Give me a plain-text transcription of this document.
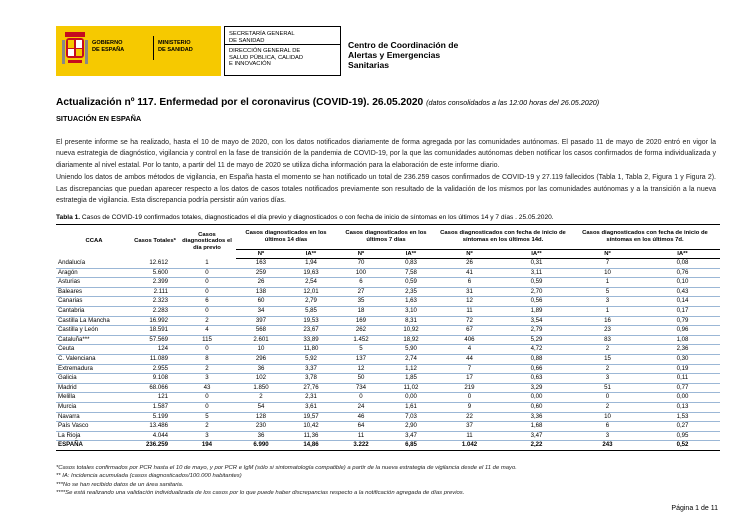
GOBIERNO
DE ESPAÑA
MINISTERIO
DE SANIDAD
SECRETARÍA GENERAL
DE SANIDAD
DIRECCIÓN GENERAL DE
SALUD PÚBLICA, CALIDAD
E INNOVACIÓN
Centro de Coordinación de
Alertas y Emergencias
Sanitarias
Actualización nº 117. Enfermedad por el coronavirus (COVID-19). 26.05.2020 (datos consolidados a las 12:00 horas del 26.05.2020)
SITUACIÓN EN ESPAÑA

El presente informe se ha realizado, hasta el 10 de mayo de 2020, con los datos notificados diariamente de forma agregada por las comunidades autónomas. El pasado 11 de mayo de 2020 entró en vigor la nueva estrategia de diagnóstico, vigilancia y control en la fase de transición de la pandemia de COVID-19, por la que las comunidades autónomas deben notificar los casos confirmados de forma individualizada y diariamente al nivel estatal. Por lo tanto, a partir del 11 de mayo de 2020 se utiliza dicha información para la elaboración de este informe diario.

Uniendo los datos de ambos métodos de vigilancia, en España hasta el momento se han notificado un total de 236.259 casos confirmados de COVID-19 y 27.119 fallecidos (Tabla 1, Tabla 2, Figura 1 y Figura 2). Las discrepancias que puedan aparecer respecto a los datos de casos totales notificados previamente son resultado de la validación de los mismos por las comunidades autónomas y a la transición a la nueva estrategia de vigilancia. Esta discrepancia podría persistir aún varios días.

Tabla 1. Casos de COVID-19 confirmados totales, diagnosticados el día previo y diagnosticados o con fecha de inicio de síntomas en los últimos 14 y 7 días . 25.05.2020.
CCAA	Casos Totales*	Casos diagnosticados el día previo	Casos diagnosticados en los últimos 14 días		Casos diagnosticados en los últimos 7 días		Casos diagnosticados con fecha de inicio de síntomas en los últimos 14d.		Casos diagnosticados con fecha de inicio de síntomas en los últimos 7d.	
			Nº	IA**	Nº	IA**	Nº	IA**	Nº	IA**
Andalucía	12.612	1	163	1,94	70	0,83	26	0,31	7	0,08
Aragón	5.600	0	259	19,63	100	7,58	41	3,11	10	0,76
Asturias	2.399	0	26	2,54	6	0,59	6	0,59	1	0,10
Baleares	2.111	0	138	12,01	27	2,35	31	2,70	5	0,43
Canarias	2.323	6	60	2,79	35	1,63	12	0,56	3	0,14
Cantabria	2.283	0	34	5,85	18	3,10	11	1,89	1	0,17
Castilla La Mancha	16.992	2	397	19,53	169	8,31	72	3,54	16	0,79
Castilla y León	18.591	4	568	23,67	262	10,92	67	2,79	23	0,96
Cataluña***	57.569	115	2.601	33,89	1.452	18,92	406	5,29	83	1,08
Ceuta	124	0	10	11,80	5	5,90	4	4,72	2	2,36
C. Valenciana	11.089	8	296	5,92	137	2,74	44	0,88	15	0,30
Extremadura	2.955	2	36	3,37	12	1,12	7	0,66	2	0,19
Galicia	9.108	3	102	3,78	50	1,85	17	0,63	3	0,11
Madrid	68.066	43	1.850	27,76	734	11,02	219	3,29	51	0,77
Melilla	121	0	2	2,31	0	0,00	0	0,00	0	0,00
Murcia	1.587	0	54	3,61	24	1,61	9	0,60	2	0,13
Navarra	5.199	5	128	19,57	46	7,03	22	3,36	10	1,53
País Vasco	13.486	2	230	10,42	64	2,90	37	1,68	6	0,27
La Rioja	4.044	3	36	11,36	11	3,47	11	3,47	3	0,95
ESPAÑA	236.259	194	6.990	14,86	3.222	6,85	1.042	2,22	243	0,52
*Casos totales confirmados por PCR hasta el 10 de mayo, y por PCR e IgM (sólo si sintomatología compatible) a partir de la nueva estrategia de vigilancia desde el 11 de mayo.
** IA: Incidencia acumulada (casos diagnosticados/100.000 habitantes)
***No se han recibido datos de un área sanitaria.
****Se está realizando una validación individualizada de los casos por lo que puede haber discrepancias respecto a la notificación agregada de días previos.
Página 1 de 11
